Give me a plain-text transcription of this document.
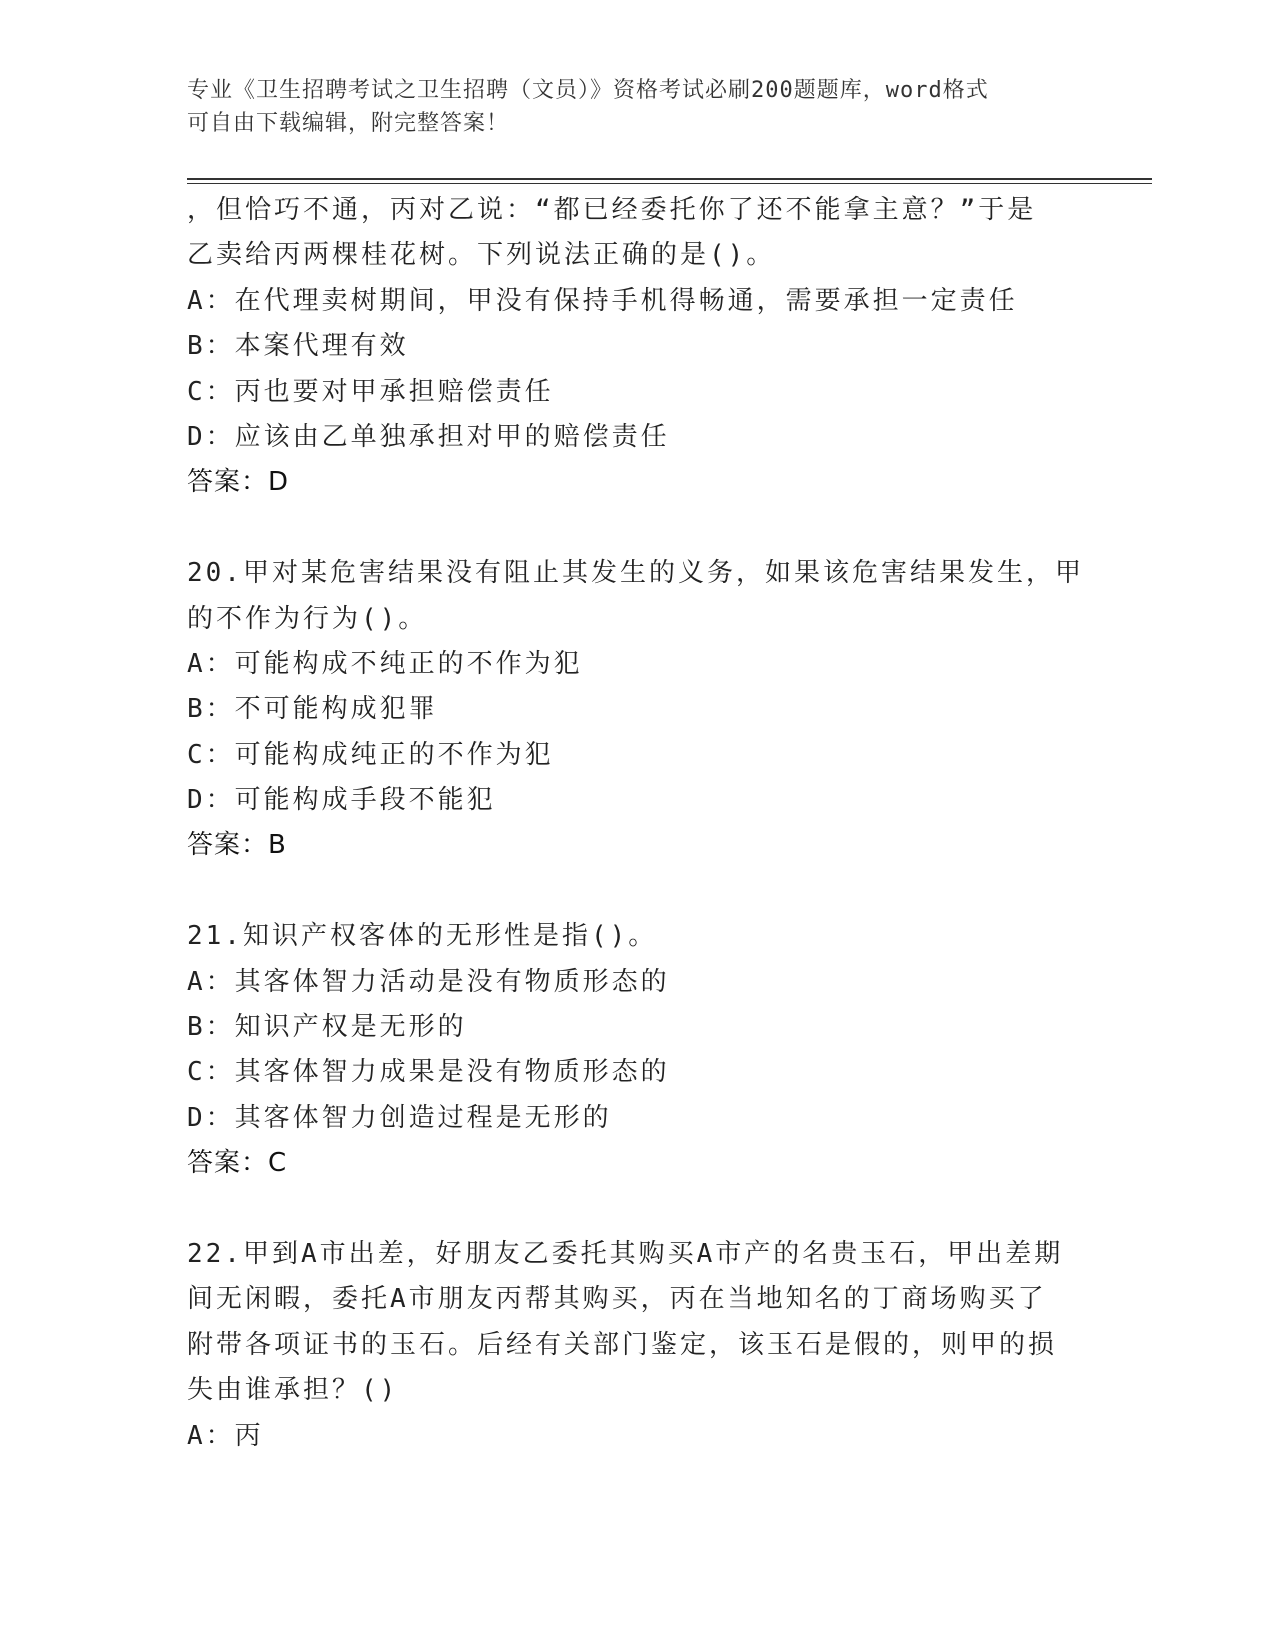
专业《卫生招聘考试之卫生招聘（文员）》资格考试必刷200题题库，word格式
可自由下载编辑，附完整答案！
，但恰巧不通，丙对乙说：“都已经委托你了还不能拿主意？”于是
乙卖给丙两棵桂花树。下列说法正确的是()。
A：在代理卖树期间，甲没有保持手机得畅通，需要承担一定责任
B：本案代理有效
C：丙也要对甲承担赔偿责任
D：应该由乙单独承担对甲的赔偿责任
答案：D
20.甲对某危害结果没有阻止其发生的义务，如果该危害结果发生，甲
的不作为行为()。
A：可能构成不纯正的不作为犯
B：不可能构成犯罪
C：可能构成纯正的不作为犯
D：可能构成手段不能犯
答案：B
21.知识产权客体的无形性是指()。
A：其客体智力活动是没有物质形态的
B：知识产权是无形的
C：其客体智力成果是没有物质形态的
D：其客体智力创造过程是无形的
答案：C
22.甲到A市出差，好朋友乙委托其购买A市产的名贵玉石，甲出差期
间无闲暇，委托A市朋友丙帮其购买，丙在当地知名的丁商场购买了
附带各项证书的玉石。后经有关部门鉴定，该玉石是假的，则甲的损
失由谁承担？()
A：丙
